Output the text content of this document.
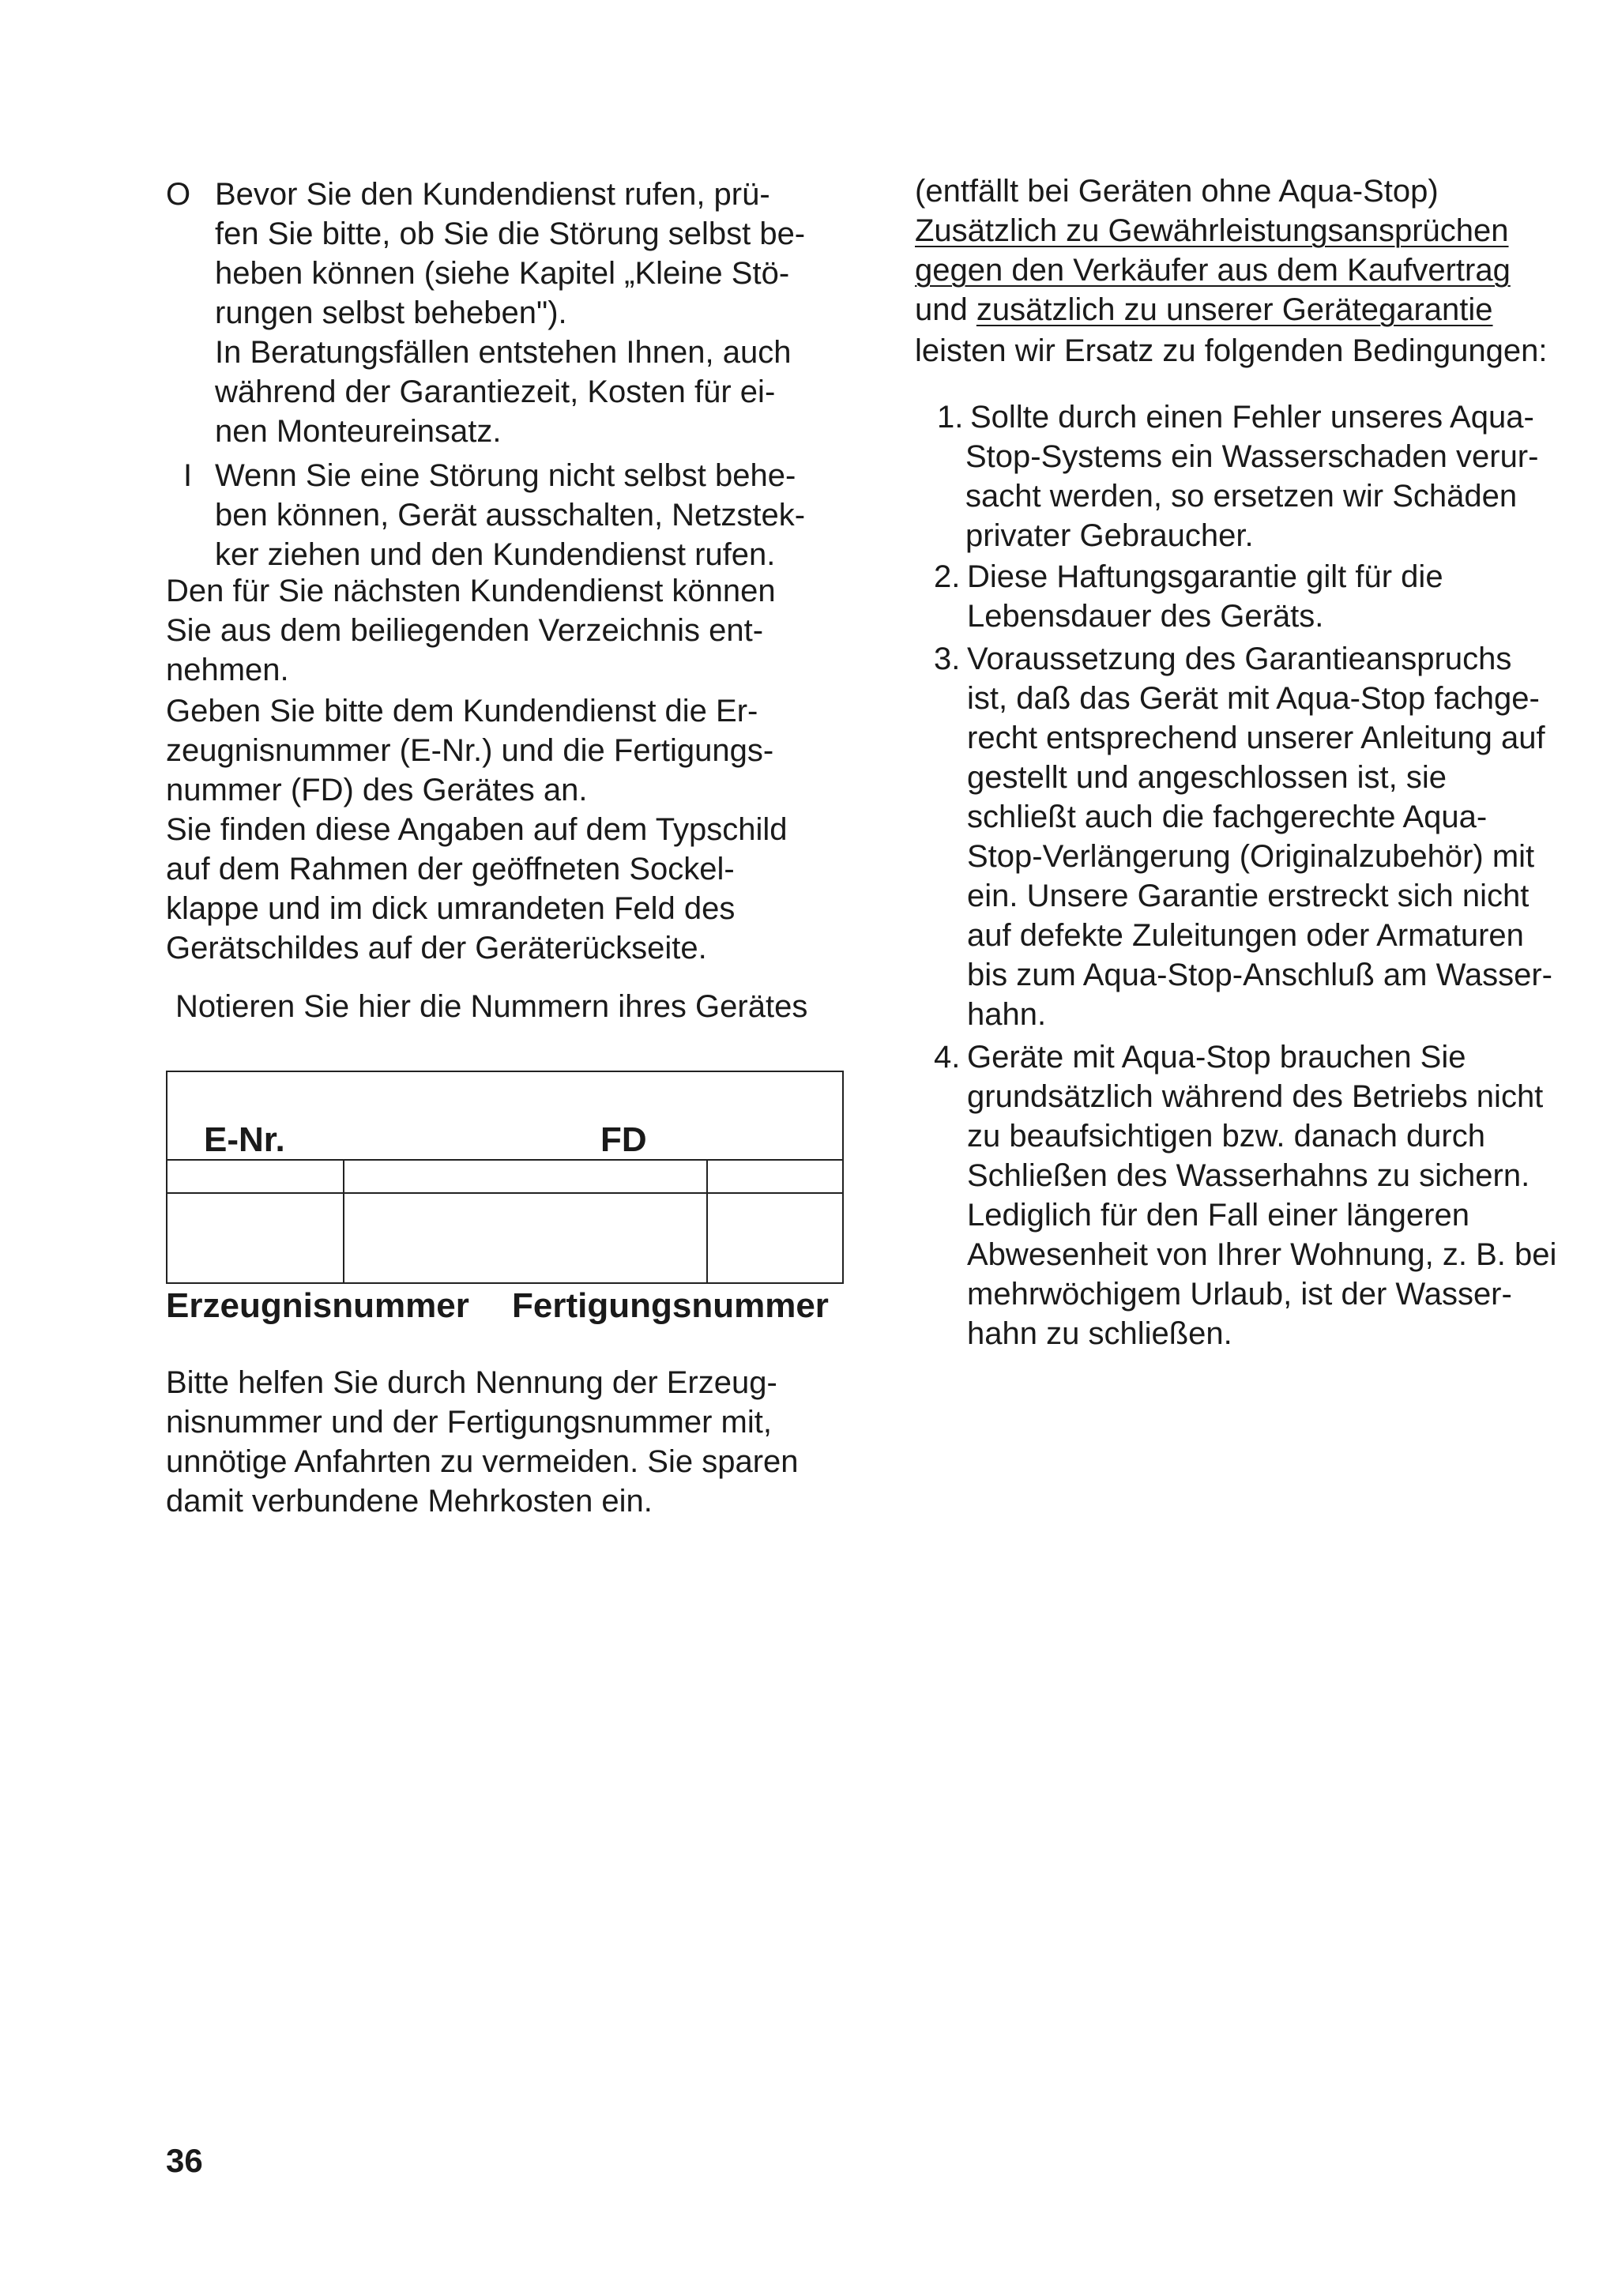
O Bevor Sie den Kundendienst rufen, prü-
fen Sie bitte, ob Sie die Störung selbst be-
heben können (siehe Kapitel „Kleine Stö-
rungen selbst beheben").
In Beratungsfällen entstehen Ihnen, auch
während der Garantiezeit, Kosten für ei-
nen Monteureinsatz.
I Wenn Sie eine Störung nicht selbst behe-
ben können, Gerät ausschalten, Netzstek-
ker ziehen und den Kundendienst rufen.
Den für Sie nächsten Kundendienst können
Sie aus dem beiliegenden Verzeichnis ent-
nehmen.
Geben Sie bitte dem Kundendienst die Er-
zeugnisnummer (E-Nr.) und die Fertigungs-
nummer (FD) des Gerätes an.
Sie finden diese Angaben auf dem Typschild
auf dem Rahmen der geöffneten Sockel-
klappe und im dick umrandeten Feld des
Gerätschildes auf der Geräterückseite.
Notieren Sie hier die Nummern ihres Gerätes
E-Nr.	FD
Erzeugnisnummer Fertigungsnummer
Bitte helfen Sie durch Nennung der Erzeug-
nisnummer und der Fertigungsnummer mit,
unnötige Anfahrten zu vermeiden. Sie sparen
damit verbundene Mehrkosten ein.
(entfällt bei Geräten ohne Aqua-Stop)
Zusätzlich zu Gewährleistungsansprüchen
gegen den Verkäufer aus dem Kaufvertrag
und zusätzlich zu unserer Gerätegarantie
leisten wir Ersatz zu folgenden Bedingungen:
1. Sollte durch einen Fehler unseres Aqua-
Stop-Systems ein Wasserschaden verur-
sacht werden, so ersetzen wir Schäden
privater Gebraucher.
2. Diese Haftungsgarantie gilt für die
Lebensdauer des Geräts.
3. Voraussetzung des Garantieanspruchs
ist, daß das Gerät mit Aqua-Stop fachge-
recht entsprechend unserer Anleitung auf
gestellt und angeschlossen ist, sie
schließt auch die fachgerechte Aqua-
Stop-Verlängerung (Originalzubehör) mit
ein. Unsere Garantie erstreckt sich nicht
auf defekte Zuleitungen oder Armaturen
bis zum Aqua-Stop-Anschluß am Wasser-
hahn.
4. Geräte mit Aqua-Stop brauchen Sie
grundsätzlich während des Betriebs nicht
zu beaufsichtigen bzw. danach durch
Schließen des Wasserhahns zu sichern.
Lediglich für den Fall einer längeren
Abwesenheit von Ihrer Wohnung, z. B. bei
mehrwöchigem Urlaub, ist der Wasser-
hahn zu schließen.
36
